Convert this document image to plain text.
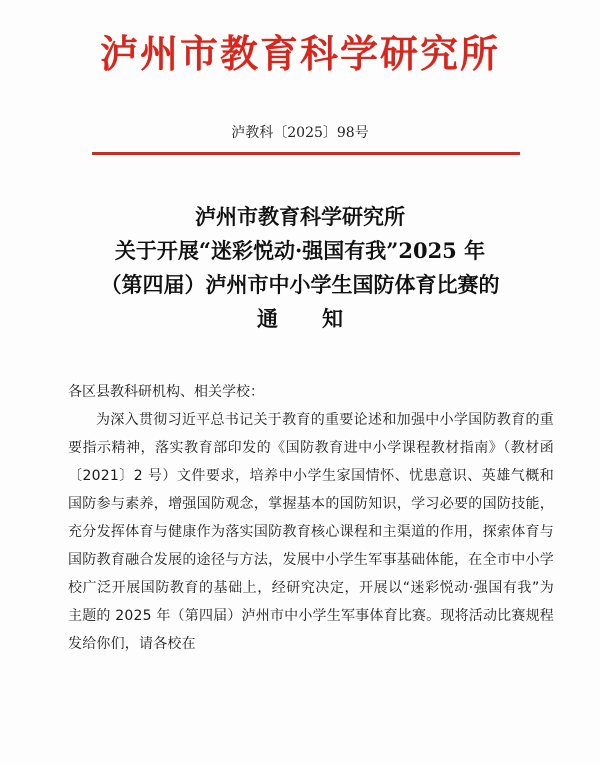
泸州市教育科学研究所
泸教科〔2025〕98号
泸州市教育科学研究所
关于开展“迷彩悦动·强国有我”2025 年
（第四届）泸州市中小学生国防体育比赛的
通知
各区县教科研机构、相关学校：
为深入贯彻习近平总书记关于教育的重要论述和加强中小学国防教育的重要指示精神，落实教育部印发的《国防教育进中小学课程教材指南》（教材函〔2021〕2 号）文件要求，培养中小学生家国情怀、忧患意识、英雄气概和国防参与素养，增强国防观念，掌握基本的国防知识，学习必要的国防技能，充分发挥体育与健康作为落实国防教育核心课程和主渠道的作用，探索体育与国防教育融合发展的途径与方法，发展中小学生军事基础体能，在全市中小学校广泛开展国防教育的基础上，经研究决定，开展以“迷彩悦动·强国有我”为主题的 2025 年（第四届）泸州市中小学生军事体育比赛。现将活动比赛规程发给你们，请各校在
